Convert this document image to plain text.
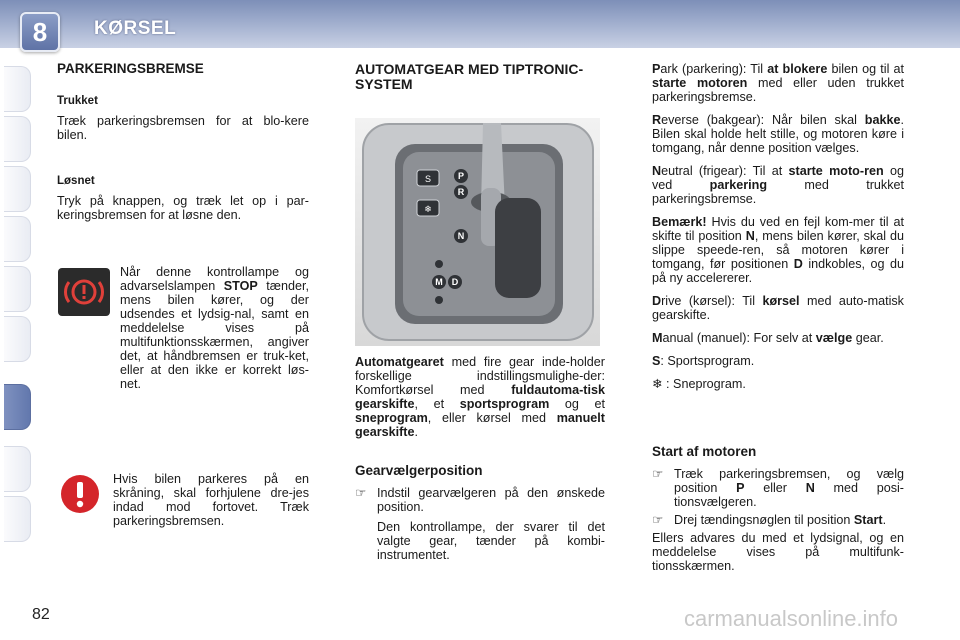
8	KØRSEL
PARKERINGSBREMSE
Trukket

Træk parkeringsbremsen for at blo-kere bilen.

Løsnet

Tryk på knappen, og træk let op i par-keringsbremsen for at løsne den.

Når denne kontrollampe og advarselslampen STOP tænder, mens bilen kører, og der udsendes et lydsig-nal, samt en meddelelse vises på multifunktionsskærmen, angiver det, at håndbremsen er truk-ket, eller at den ikke er korrekt løs-net.
Hvis bilen parkeres på en skråning, skal forhjulene dre-jes indad mod fortovet. Træk parkeringsbremsen.
AUTOMATGEAR MED TIPTRONIC-SYSTEM
S
❄
P
R
N
M D
Automatgearet med fire gear inde-holder forskellige indstillingsmulighe-der: Komfortkørsel med fuldautoma-tisk gearskifte, et sportsprogram og et sneprogram, eller kørsel med manuelt gearskifte.
Gearvælgerposition
☞ Indstil gearvælgeren på den ønskede position.
Den kontrollampe, der svarer til det valgte gear, tænder på kombi-instrumentet.

Park (parkering): Til at blokere bilen og til at starte motoren med eller uden trukket parkeringsbremse.

Reverse (bakgear): Når bilen skal bakke. Bilen skal holde helt stille, og motoren køre i tomgang, når denne position vælges.

Neutral (frigear): Til at starte moto-ren og ved parkering med trukket parkeringsbremse.

Bemærk! Hvis du ved en fejl kom-mer til at skifte til position N, mens bilen kører, skal du slippe speede-ren, så motoren kører i tomgang, før positionen D indkobles, og du på ny accelererer.

Drive (kørsel): Til kørsel med auto-matisk gearskifte.

Manual (manuel): For selv at vælge gear.

S: Sportsprogram.

❄ : Sneprogram.

Start af motoren
☞ Træk parkeringsbremsen, og vælg position P eller N med posi-tionsvælgeren.
☞ Drej tændingsnøglen til position Start.

Ellers advares du med et lydsignal, og en meddelelse vises på multifunk-tionsskærmen.

82	carmanualsonline.info
